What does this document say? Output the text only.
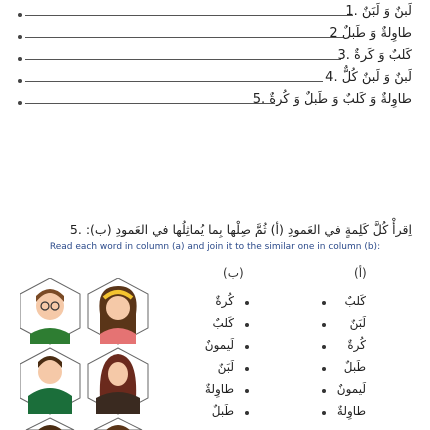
لَبنٌ وَ لَبَنٌ .1
طاوِلةٌ وَ طَبلٌ 2
كَلبٌ وَ كَرةٌ .3
لَبنٌ وَ لَبنٌ كُلٌّ .4
طاوِلةٌ وَ كَلبٌ وَ طَبلٌ وَ كُرةٌ .5
اِقرأْ كُلَّ كَلِمةٍ في العَمودِ (أ) ثُمَّ صِلْها بِما يُماثِلُها في العَمودِ (ب): .5
Read each word in column (a) and join it to the similar one in column (b):
(ب)	(أ)
كُرةٌ
كَلبٌ
لَيمونٌ
لَبَنٌ
طاوِلةٌ
طَبلٌ
كَلبٌ
لَبَنٌ
كُرةٌ
طَبلٌ
لَيمونٌ
طاوِلةٌ
